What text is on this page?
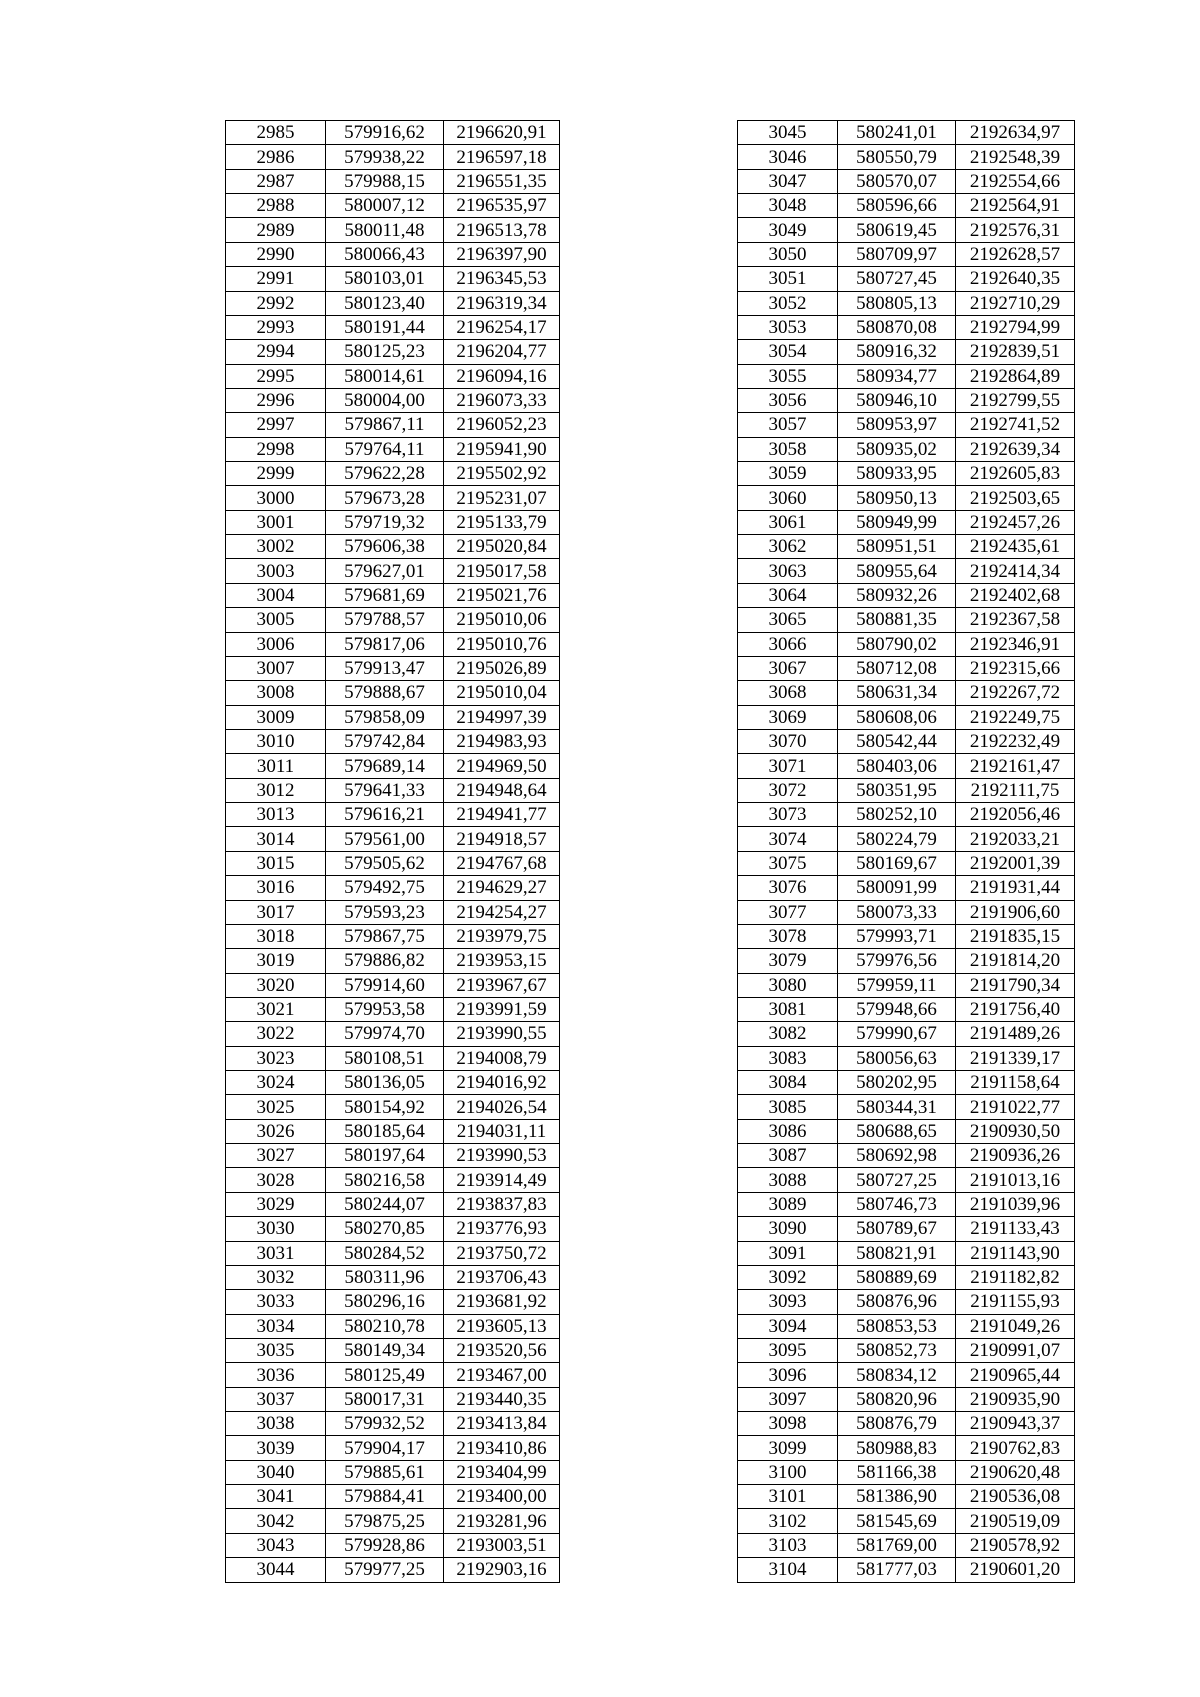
2985	579916,62	2196620,91
2986	579938,22	2196597,18
2987	579988,15	2196551,35
2988	580007,12	2196535,97
2989	580011,48	2196513,78
2990	580066,43	2196397,90
2991	580103,01	2196345,53
2992	580123,40	2196319,34
2993	580191,44	2196254,17
2994	580125,23	2196204,77
2995	580014,61	2196094,16
2996	580004,00	2196073,33
2997	579867,11	2196052,23
2998	579764,11	2195941,90
2999	579622,28	2195502,92
3000	579673,28	2195231,07
3001	579719,32	2195133,79
3002	579606,38	2195020,84
3003	579627,01	2195017,58
3004	579681,69	2195021,76
3005	579788,57	2195010,06
3006	579817,06	2195010,76
3007	579913,47	2195026,89
3008	579888,67	2195010,04
3009	579858,09	2194997,39
3010	579742,84	2194983,93
3011	579689,14	2194969,50
3012	579641,33	2194948,64
3013	579616,21	2194941,77
3014	579561,00	2194918,57
3015	579505,62	2194767,68
3016	579492,75	2194629,27
3017	579593,23	2194254,27
3018	579867,75	2193979,75
3019	579886,82	2193953,15
3020	579914,60	2193967,67
3021	579953,58	2193991,59
3022	579974,70	2193990,55
3023	580108,51	2194008,79
3024	580136,05	2194016,92
3025	580154,92	2194026,54
3026	580185,64	2194031,11
3027	580197,64	2193990,53
3028	580216,58	2193914,49
3029	580244,07	2193837,83
3030	580270,85	2193776,93
3031	580284,52	2193750,72
3032	580311,96	2193706,43
3033	580296,16	2193681,92
3034	580210,78	2193605,13
3035	580149,34	2193520,56
3036	580125,49	2193467,00
3037	580017,31	2193440,35
3038	579932,52	2193413,84
3039	579904,17	2193410,86
3040	579885,61	2193404,99
3041	579884,41	2193400,00
3042	579875,25	2193281,96
3043	579928,86	2193003,51
3044	579977,25	2192903,16
3045	580241,01	2192634,97
3046	580550,79	2192548,39
3047	580570,07	2192554,66
3048	580596,66	2192564,91
3049	580619,45	2192576,31
3050	580709,97	2192628,57
3051	580727,45	2192640,35
3052	580805,13	2192710,29
3053	580870,08	2192794,99
3054	580916,32	2192839,51
3055	580934,77	2192864,89
3056	580946,10	2192799,55
3057	580953,97	2192741,52
3058	580935,02	2192639,34
3059	580933,95	2192605,83
3060	580950,13	2192503,65
3061	580949,99	2192457,26
3062	580951,51	2192435,61
3063	580955,64	2192414,34
3064	580932,26	2192402,68
3065	580881,35	2192367,58
3066	580790,02	2192346,91
3067	580712,08	2192315,66
3068	580631,34	2192267,72
3069	580608,06	2192249,75
3070	580542,44	2192232,49
3071	580403,06	2192161,47
3072	580351,95	2192111,75
3073	580252,10	2192056,46
3074	580224,79	2192033,21
3075	580169,67	2192001,39
3076	580091,99	2191931,44
3077	580073,33	2191906,60
3078	579993,71	2191835,15
3079	579976,56	2191814,20
3080	579959,11	2191790,34
3081	579948,66	2191756,40
3082	579990,67	2191489,26
3083	580056,63	2191339,17
3084	580202,95	2191158,64
3085	580344,31	2191022,77
3086	580688,65	2190930,50
3087	580692,98	2190936,26
3088	580727,25	2191013,16
3089	580746,73	2191039,96
3090	580789,67	2191133,43
3091	580821,91	2191143,90
3092	580889,69	2191182,82
3093	580876,96	2191155,93
3094	580853,53	2191049,26
3095	580852,73	2190991,07
3096	580834,12	2190965,44
3097	580820,96	2190935,90
3098	580876,79	2190943,37
3099	580988,83	2190762,83
3100	581166,38	2190620,48
3101	581386,90	2190536,08
3102	581545,69	2190519,09
3103	581769,00	2190578,92
3104	581777,03	2190601,20
